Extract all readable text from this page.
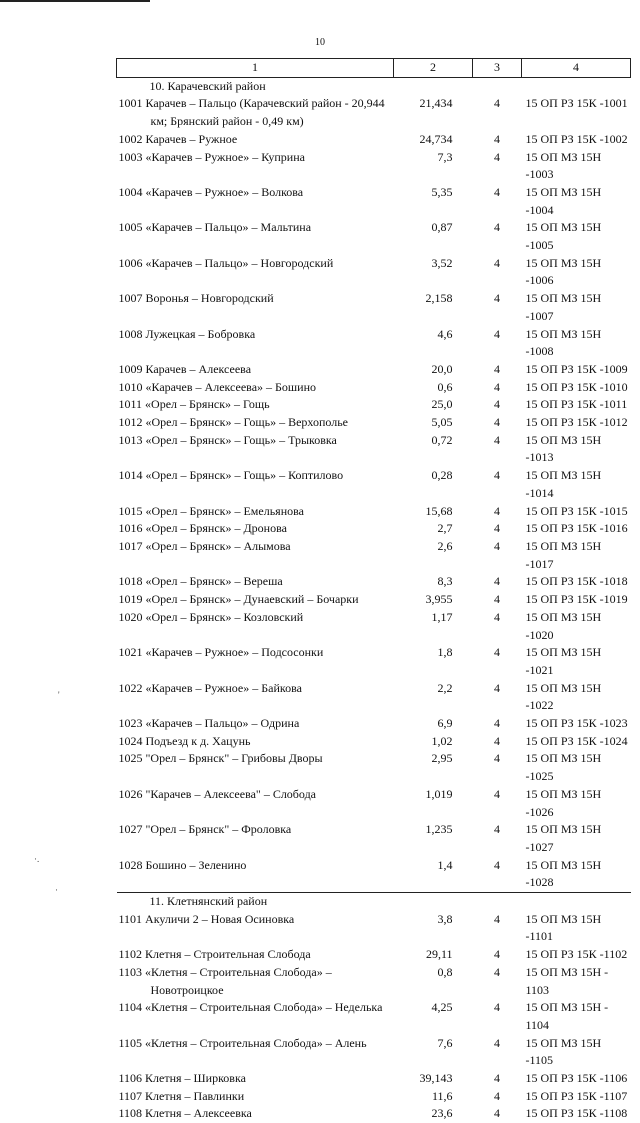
10
1	2	3	4
10. Карачевский район			
1001 Карачев – Пальцо (Карачевский район - 20,944 км; Брянский район - 0,49 км)	21,434	4	15 ОП РЗ 15К -1001
1002 Карачев – Ружное	24,734	4	15 ОП РЗ 15К -1002
1003 «Карачев – Ружное» – Куприна	7,3	4	15 ОП МЗ 15Н -1003
1004 «Карачев – Ружное» – Волкова	5,35	4	15 ОП МЗ 15Н -1004
1005 «Карачев – Пальцо» – Мальтина	0,87	4	15 ОП МЗ 15Н -1005
1006 «Карачев – Пальцо» – Новгородский	3,52	4	15 ОП МЗ 15Н -1006
1007 Воронья – Новгородский	2,158	4	15 ОП МЗ 15Н -1007
1008 Лужецкая – Бобровка	4,6	4	15 ОП МЗ 15Н -1008
1009 Карачев – Алексеева	20,0	4	15 ОП РЗ 15К -1009
1010 «Карачев – Алексеева» – Бошино	0,6	4	15 ОП РЗ 15К -1010
1011 «Орел – Брянск» – Гощь	25,0	4	15 ОП РЗ 15К -1011
1012 «Орел – Брянск» – Гощь» – Верхополье	5,05	4	15 ОП РЗ 15К -1012
1013 «Орел – Брянск» – Гощь» – Трыковка	0,72	4	15 ОП МЗ 15Н -1013
1014 «Орел – Брянск» – Гощь» – Коптилово	0,28	4	15 ОП МЗ 15Н -1014
1015 «Орел – Брянск» – Емельянова	15,68	4	15 ОП РЗ 15К -1015
1016 «Орел – Брянск» – Дронова	2,7	4	15 ОП РЗ 15К -1016
1017 «Орел – Брянск» – Алымова	2,6	4	15 ОП МЗ 15Н -1017
1018 «Орел – Брянск» – Вереша	8,3	4	15 ОП РЗ 15К -1018
1019 «Орел – Брянск» – Дунаевский – Бочарки	3,955	4	15 ОП РЗ 15К -1019
1020 «Орел – Брянск» – Козловский	1,17	4	15 ОП МЗ 15Н -1020
1021 «Карачев – Ружное» – Подсосонки	1,8	4	15 ОП МЗ 15Н -1021
1022 «Карачев – Ружное» – Байкова	2,2	4	15 ОП МЗ 15Н -1022
1023 «Карачев – Пальцо» – Одрина	6,9	4	15 ОП РЗ 15К -1023
1024 Подъезд к д. Хацунь	1,02	4	15 ОП РЗ 15К -1024
1025 "Орел – Брянск" – Грибовы Дворы	2,95	4	15 ОП МЗ 15Н -1025
1026 "Карачев – Алексеева" – Слобода	1,019	4	15 ОП МЗ 15Н -1026
1027 "Орел – Брянск" – Фроловка	1,235	4	15 ОП МЗ 15Н -1027
1028 Бошино – Зеленино	1,4	4	15 ОП МЗ 15Н -1028
11. Клетнянский район			
1101 Акуличи 2 – Новая Осиновка	3,8	4	15 ОП МЗ 15Н -1101
1102 Клетня – Строительная Слобода	29,11	4	15 ОП РЗ 15К -1102
1103 «Клетня – Строительная Слобода» – Новотроицкое	0,8	4	15 ОП МЗ 15Н - 1103
1104 «Клетня – Строительная Слобода» – Неделька	4,25	4	15 ОП МЗ 15Н - 1104
1105 «Клетня – Строительная Слобода» – Алень	7,6	4	15 ОП МЗ 15Н -1105
1106 Клетня – Ширковка	39,143	4	15 ОП РЗ 15К -1106
1107 Клетня – Павлинки	11,6	4	15 ОП РЗ 15К -1107
1108 Клетня – Алексеевка	23,6	4	15 ОП РЗ 15К -1108
'
·.
·
